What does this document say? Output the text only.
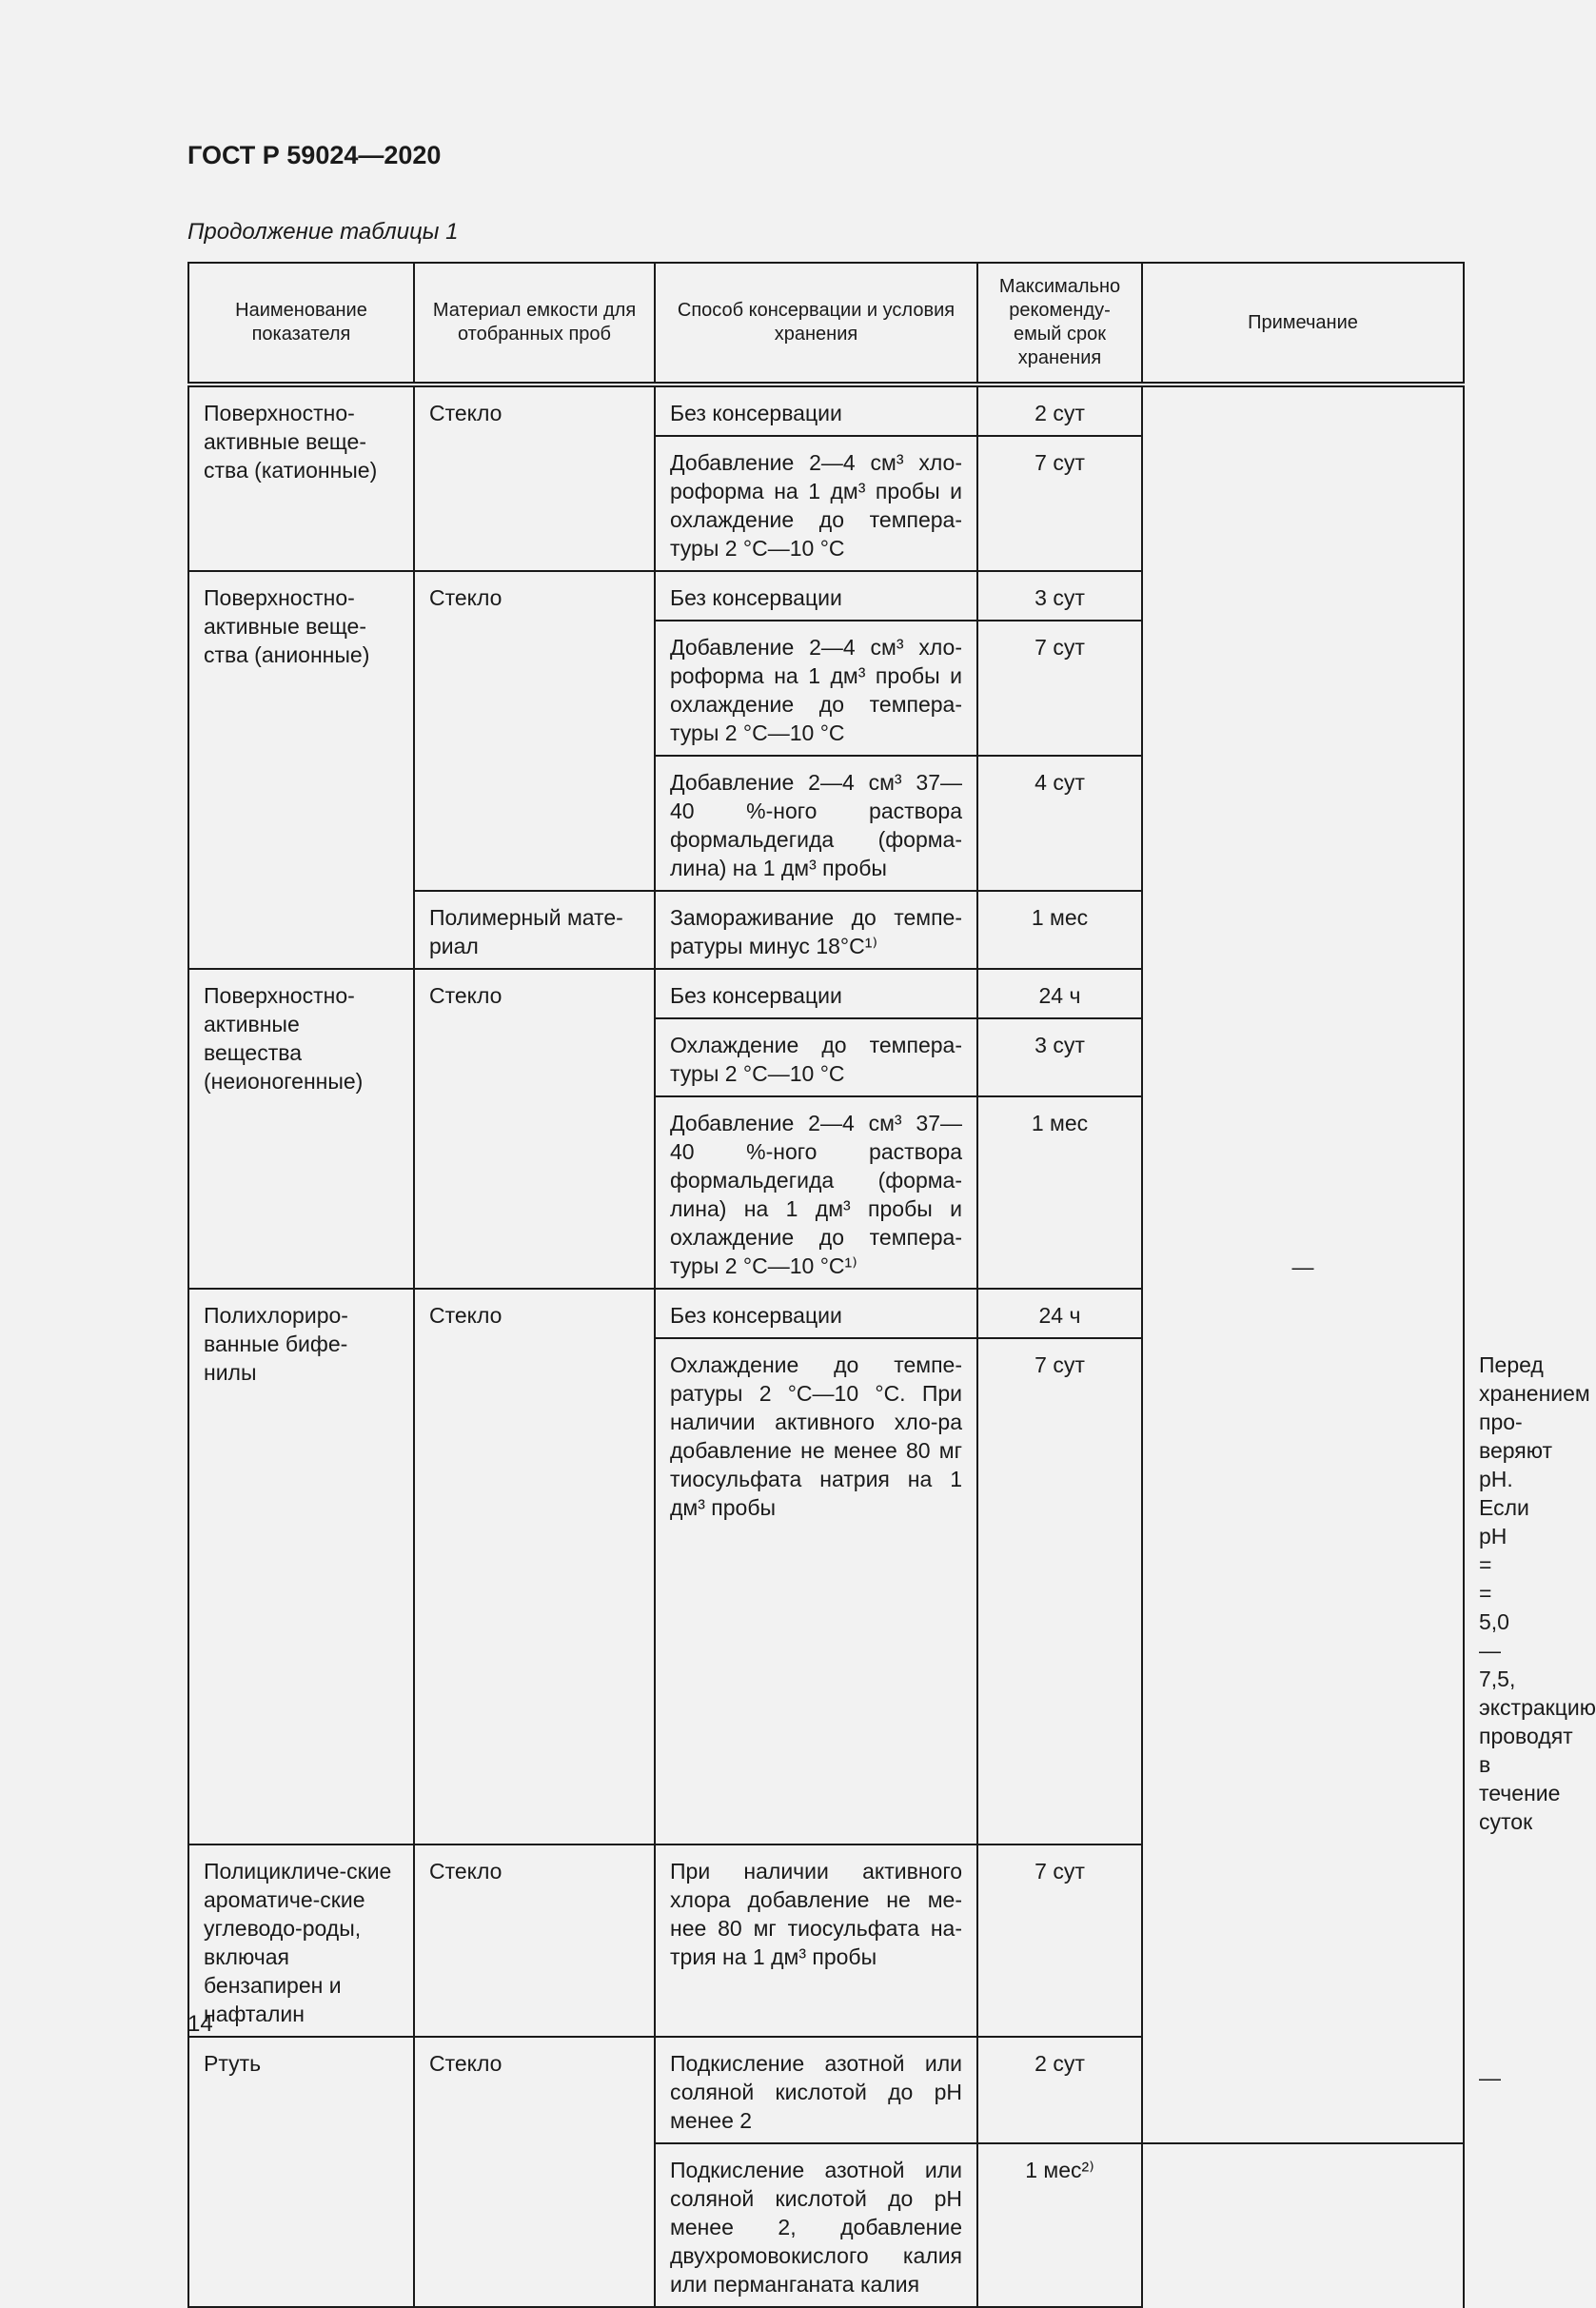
ГОСТ Р 59024—2020
Продолжение таблицы 1
Наименование показателя	Материал емкости для отобранных проб	Способ консервации и условия хранения	Максимально рекоменду-емый срок хранения	Примечание	
Поверхностно-активные веще-ства (катионные)	Стекло	Без консервации	2 сут	—	
		Добавление 2—4 см³ хло-роформа на 1 дм³ пробы и охлаждение до темпера-туры 2 °C—10 °C	7 сут		
Поверхностно-активные веще-ства (анионные)	Стекло	Без консервации	3 сут		
		Добавление 2—4 см³ хло-роформа на 1 дм³ пробы и охлаждение до темпера-туры 2 °C—10 °C	7 сут		
		Добавление 2—4 см³ 37—40 %-ного раствора формальдегида (форма-лина) на 1 дм³ пробы	4 сут		
	Полимерный мате-риал	Замораживание до темпе-ратуры минус 18°C¹⁾	1 мес		
Поверхностно-активные вещества (неионогенные)	Стекло	Без консервации	24 ч		
		Охлаждение до темпера-туры 2 °C—10 °C	3 сут		
		Добавление 2—4 см³ 37—40 %-ного раствора формальдегида (форма-лина) на 1 дм³ пробы и охлаждение до темпера-туры 2 °C—10 °C¹⁾	1 мес		
Полихлориро-ванные бифе-нилы	Стекло	Без консервации	24 ч		
		Охлаждение до темпе-ратуры 2 °C—10 °C. При наличии активного хло-ра добавление не менее 80 мг тиосульфата натрия на 1 дм³ пробы	7 сут		Перед хранением про-веряют pH. Если pH = = 5,0—7,5, экстракцию проводят в течение суток
Полицикличе-ские ароматиче-ские углеводо-роды, включая бензапирен и нафталин	Стекло	При наличии активного хлора добавление не ме-нее 80 мг тиосульфата на-трия на 1 дм³ пробы	7 сут		—
Ртуть	Стекло	Подкисление азотной или соляной кислотой до pH менее 2	2 сут		
		Подкисление азотной или соляной кислотой до pH менее 2, добавление двухромовокислого калия или перманганата калия	1 мес²⁾		
14
